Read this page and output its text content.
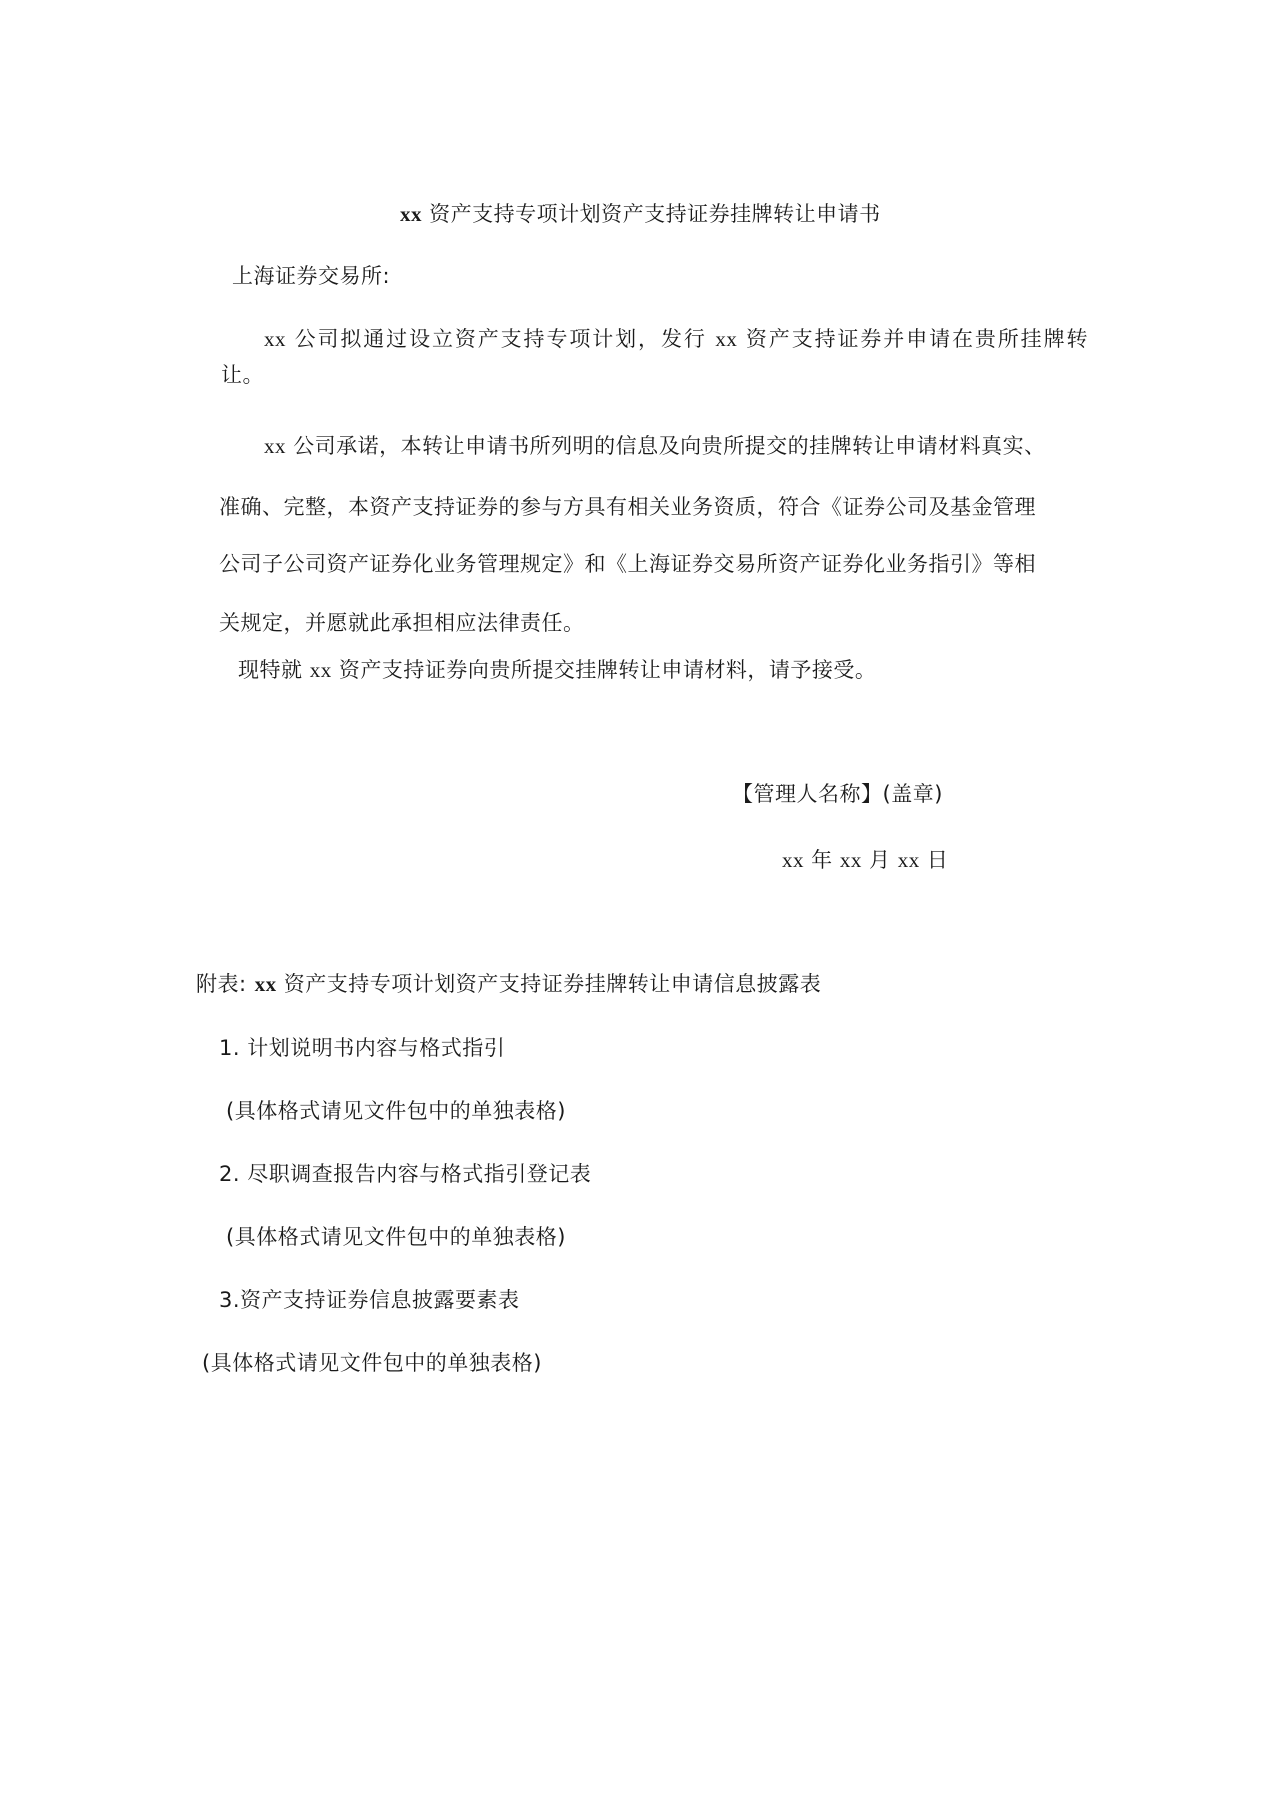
xx 资产支持专项计划资产支持证券挂牌转让申请书
上海证券交易所:
xx 公司拟通过设立资产支持专项计划，发行 xx 资产支持证券并申请在贵所挂牌转
让。
xx 公司承诺，本转让申请书所列明的信息及向贵所提交的挂牌转让申请材料真实、
准确、完整，本资产支持证券的参与方具有相关业务资质，符合《证券公司及基金管理
公司子公司资产证券化业务管理规定》和《上海证券交易所资产证券化业务指引》等相
关规定，并愿就此承担相应法律责任。
现特就 xx 资产支持证券向贵所提交挂牌转让申请材料，请予接受。
【管理人名称】(盖章)
xx 年 xx 月 xx 日
附表: xx 资产支持专项计划资产支持证券挂牌转让申请信息披露表
1. 计划说明书内容与格式指引
(具体格式请见文件包中的单独表格)
2. 尽职调查报告内容与格式指引登记表
(具体格式请见文件包中的单独表格)
3.资产支持证券信息披露要素表
(具体格式请见文件包中的单独表格)
